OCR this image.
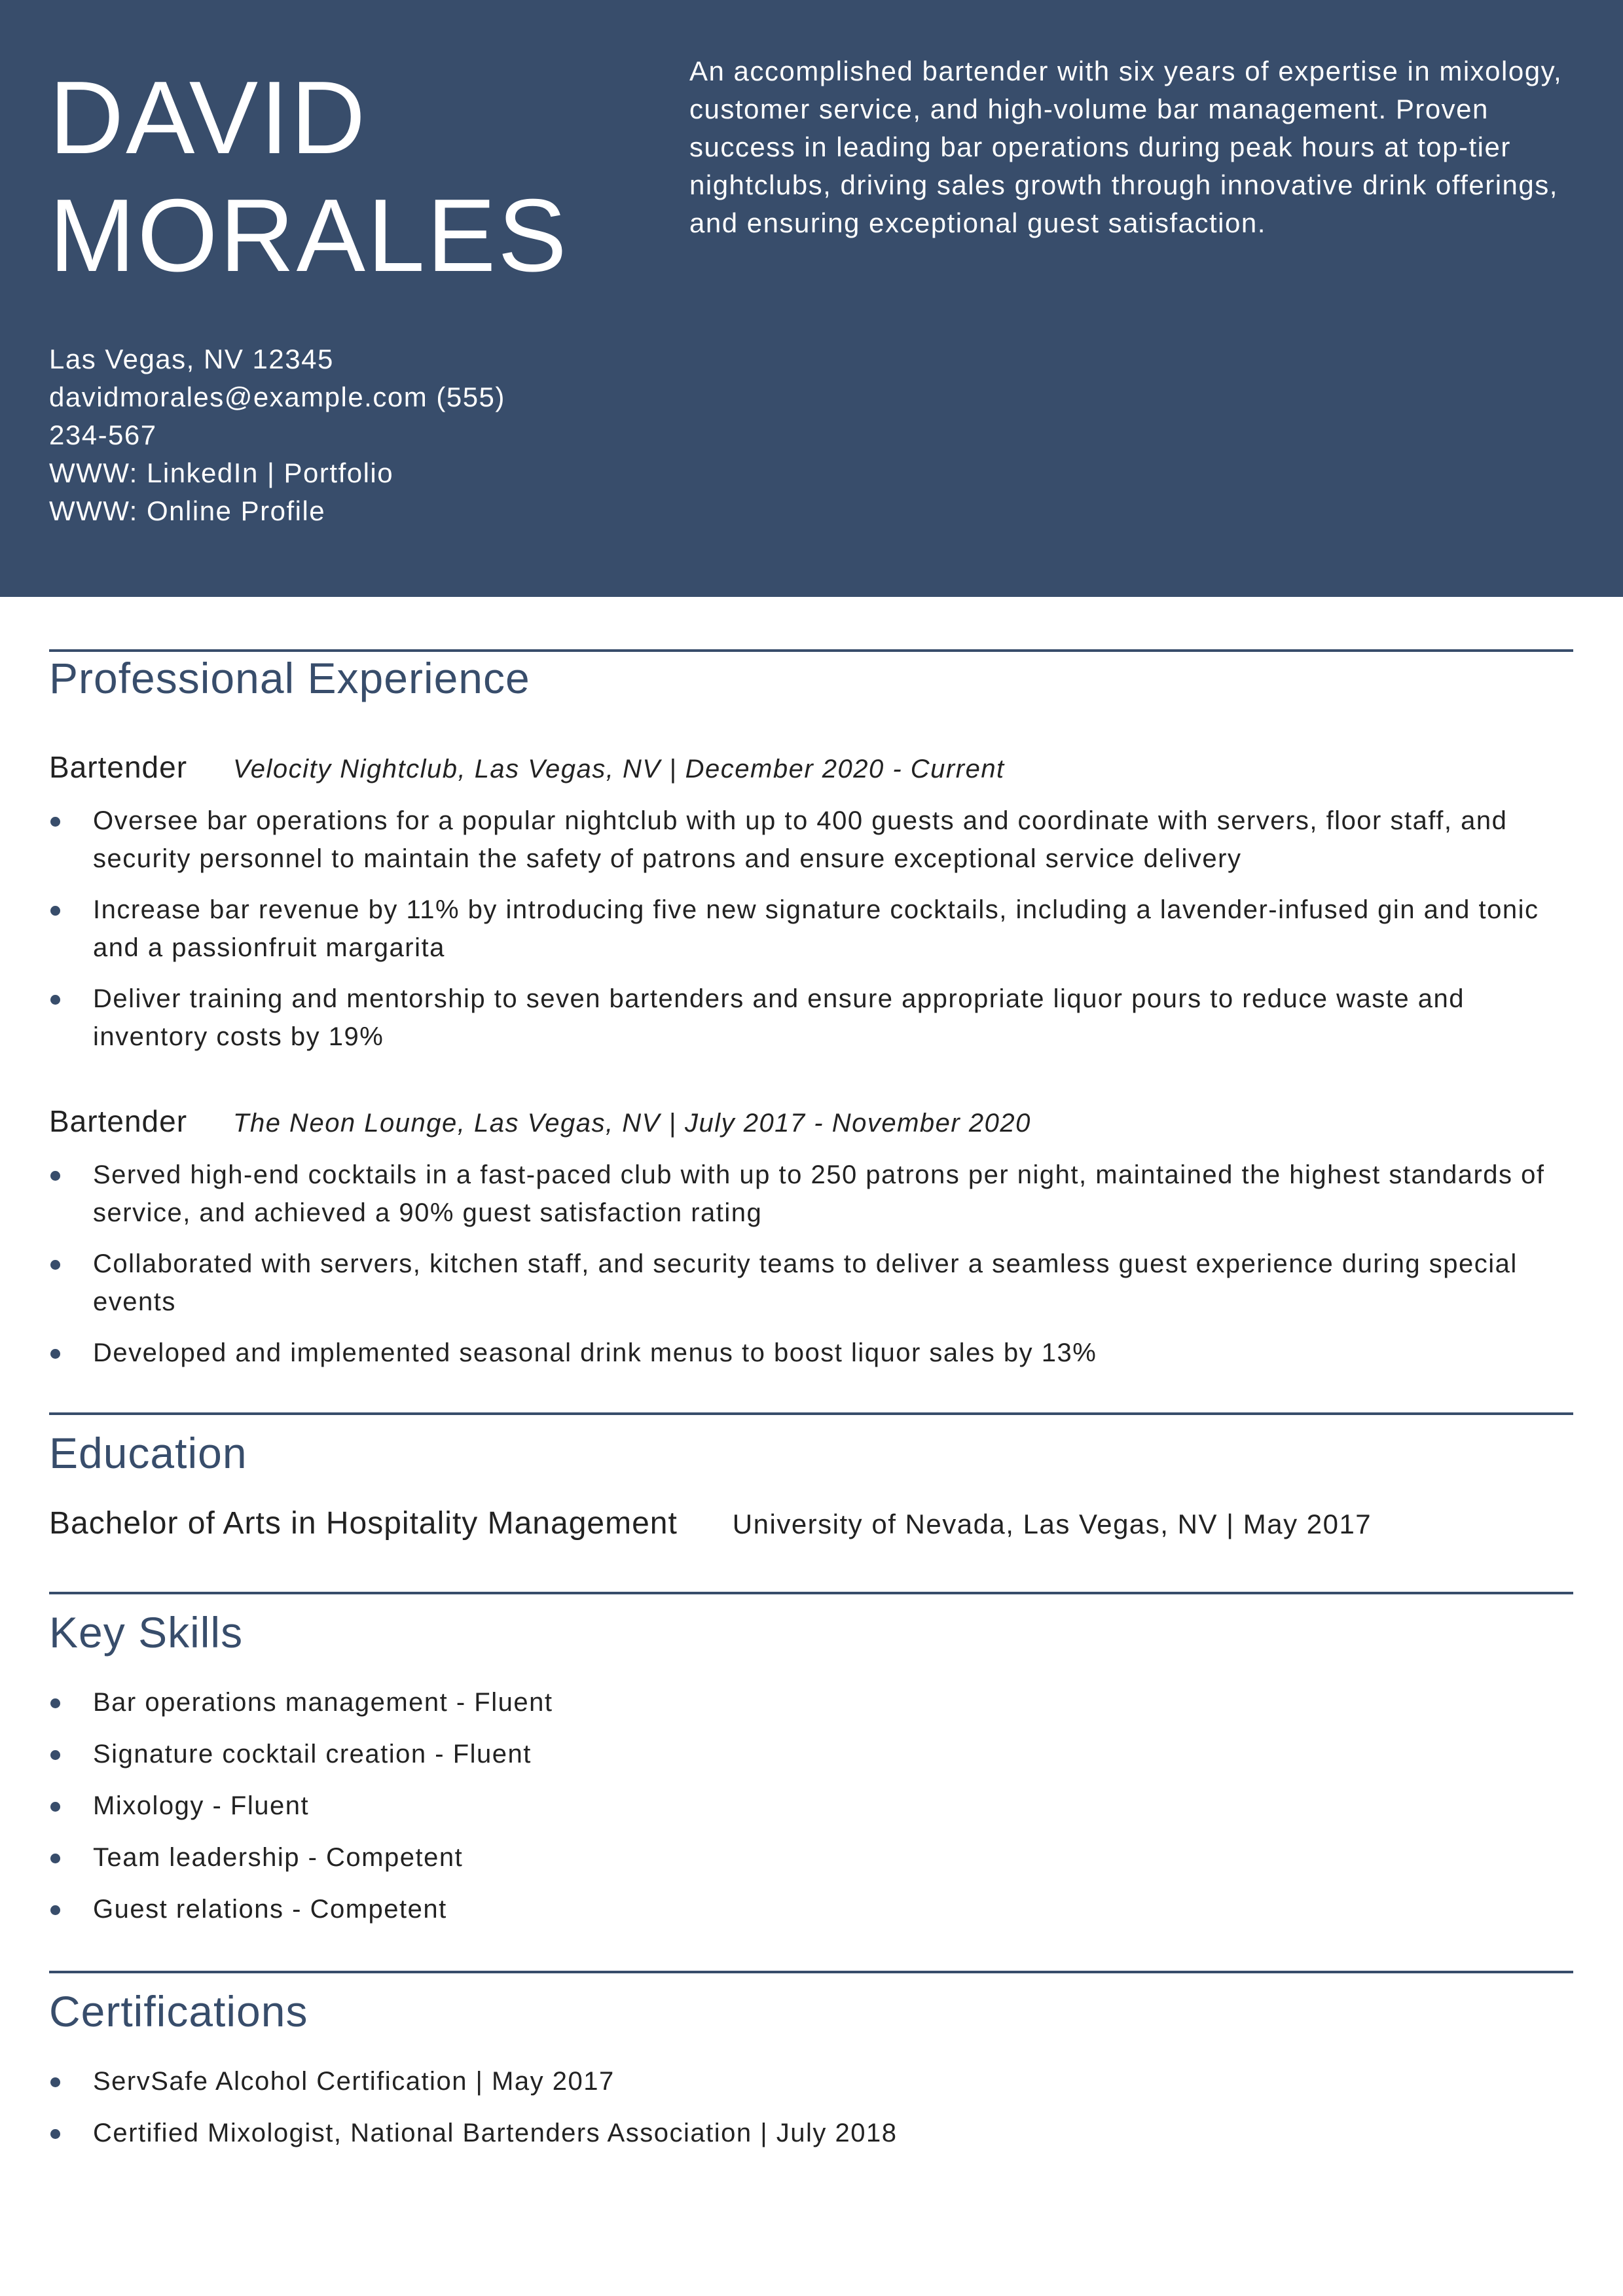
DAVID
MORALES

An accomplished bartender with six years of expertise in mixology, customer service, and high-volume bar management. Proven success in leading bar operations during peak hours at top-tier nightclubs, driving sales growth through innovative drink offerings, and ensuring exceptional guest satisfaction.

Las Vegas, NV 12345
davidmorales@example.com (555)
234-567
WWW: LinkedIn | Portfolio
WWW: Online Profile
Professional Experience
Bartender Velocity Nightclub, Las Vegas, NV | December 2020 - Current
Oversee bar operations for a popular nightclub with up to 400 guests and coordinate with servers, floor staff, and security personnel to maintain the safety of patrons and ensure exceptional service delivery
Increase bar revenue by 11% by introducing five new signature cocktails, including a lavender-infused gin and tonic and a passionfruit margarita
Deliver training and mentorship to seven bartenders and ensure appropriate liquor pours to reduce waste and inventory costs by 19%
Bartender The Neon Lounge, Las Vegas, NV | July 2017 - November 2020
Served high-end cocktails in a fast-paced club with up to 250 patrons per night, maintained the highest standards of service, and achieved a 90% guest satisfaction rating
Collaborated with servers, kitchen staff, and security teams to deliver a seamless guest experience during special events
Developed and implemented seasonal drink menus to boost liquor sales by 13%
Education
Bachelor of Arts in Hospitality Management University of Nevada, Las Vegas, NV | May 2017
Key Skills
Bar operations management - Fluent
Signature cocktail creation - Fluent
Mixology - Fluent
Team leadership - Competent
Guest relations - Competent
Certifications
ServSafe Alcohol Certification | May 2017
Certified Mixologist, National Bartenders Association | July 2018
